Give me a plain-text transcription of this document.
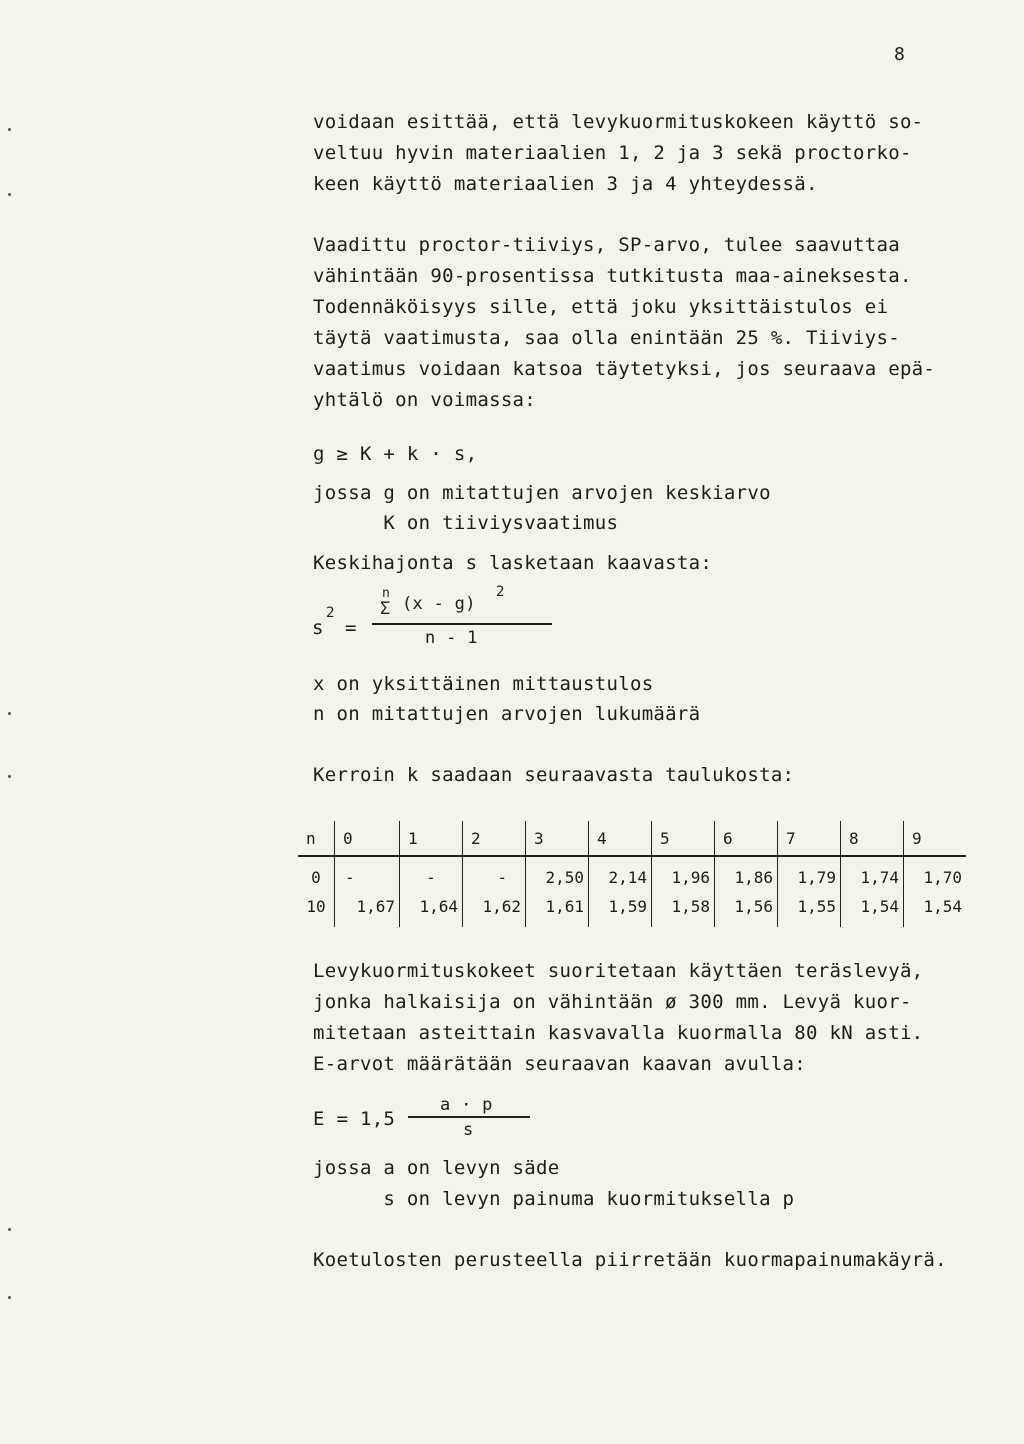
8
voidaan esittää, että levykuormituskokeen käyttö so-
veltuu hyvin materiaalien 1, 2 ja 3 sekä proctorko-
keen käyttö materiaalien 3 ja 4 yhteydessä.
Vaadittu proctor-tiiviys, SP-arvo, tulee saavuttaa
vähintään 90-prosentissa tutkitusta maa-aineksesta.
Todennäköisyys sille, että joku yksittäistulos ei
täytä vaatimusta, saa olla enintään 25 %. Tiiviys-
vaatimus voidaan katsoa täytetyksi, jos seuraava epä-
yhtälö on voimassa:
g ≥ K + k · s,
jossa g on mitattujen arvojen keskiarvo
K on tiiviysvaatimus
Keskihajonta s lasketaan kaavasta:
s
2
=
n
Σ (x - g)
2
n - 1
x on yksittäinen mittaustulos
n on mitattujen arvojen lukumäärä
Kerroin k saadaan seuraavasta taulukosta:
n	0	1	2	3	4	5	6	7	8	9
0	-	-	-	2,50	2,14	1,96	1,86	1,79	1,74	1,70
10	1,67	1,64	1,62	1,61	1,59	1,58	1,56	1,55	1,54	1,54
Levykuormituskokeet suoritetaan käyttäen teräslevyä,
jonka halkaisija on vähintään ø 300 mm. Levyä kuor-
mitetaan asteittain kasvavalla kuormalla 80 kN asti.
E-arvot määrätään seuraavan kaavan avulla:
E = 1,5
a · p
s
jossa a on levyn säde
s on levyn painuma kuormituksella p
Koetulosten perusteella piirretään kuormapainumakäyrä.
